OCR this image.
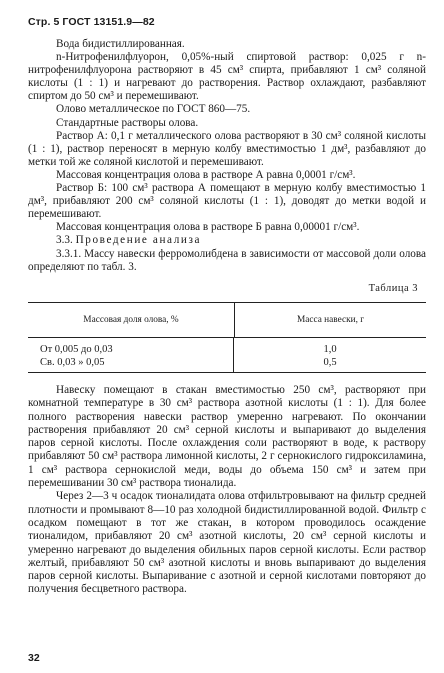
Стр. 5 ГОСТ 13151.9—82

Вода бидистиллированная.

n-Нитрофенилфлуорон, 0,05%-ный спиртовой раствор: 0,025 г n-нитрофенилфлуорона растворяют в 45 см³ спирта, прибавляют 1 см³ соляной кислоты (1 : 1) и нагревают до растворения. Раствор охлаждают, разбавляют спиртом до 50 см³ и перемешивают.

Олово металлическое по ГОСТ 860—75.

Стандартные растворы олова.

Раствор А: 0,1 г металлического олова растворяют в 30 см³ соляной кислоты (1 : 1), раствор переносят в мерную колбу вместимостью 1 дм³, разбавляют до метки той же соляной кислотой и перемешивают.

Массовая концентрация олова в растворе А равна 0,0001 г/см³.

Раствор Б: 100 см³ раствора А помещают в мерную колбу вместимостью 1 дм³, прибавляют 200 см³ соляной кислоты (1 : 1), доводят до метки водой и перемешивают.

Массовая концентрация олова в растворе Б равна 0,00001 г/см³.

3.3. Проведение анализа

3.3.1. Массу навески ферромолибдена в зависимости от массовой доли олова определяют по табл. 3.

Таблица 3
Массовая доля олова, %	Масса навески, г
От 0,005 до 0,03
Св. 0,03 » 0,05
1,0
0,5

Навеску помещают в стакан вместимостью 250 см³, растворяют при комнатной температуре в 30 см³ раствора азотной кислоты (1 : 1). Для более полного растворения навески раствор умеренно нагревают. По окончании растворения прибавляют 20 см³ серной кислоты и выпаривают до выделения паров серной кислоты. После охлаждения соли растворяют в воде, к раствору прибавляют 50 см³ раствора лимонной кислоты, 2 г сернокислого гидроксиламина, 1 см³ раствора сернокислой меди, воды до объема 150 см³ и затем при перемешивании 30 см³ раствора тионалида.

Через 2—3 ч осадок тионалидата олова отфильтровывают на фильтр средней плотности и промывают 8—10 раз холодной бидистиллированной водой. Фильтр с осадком помещают в тот же стакан, в котором проводилось осаждение тионалидом, прибавляют 20 см³ азотной кислоты, 20 см³ серной кислоты и умеренно нагревают до выделения обильных паров серной кислоты. Если раствор желтый, прибавляют 50 см³ азотной кислоты и вновь выпаривают до выделения паров серной кислоты. Выпаривание с азотной и серной кислотами повторяют до получения бесцветного раствора.

32
